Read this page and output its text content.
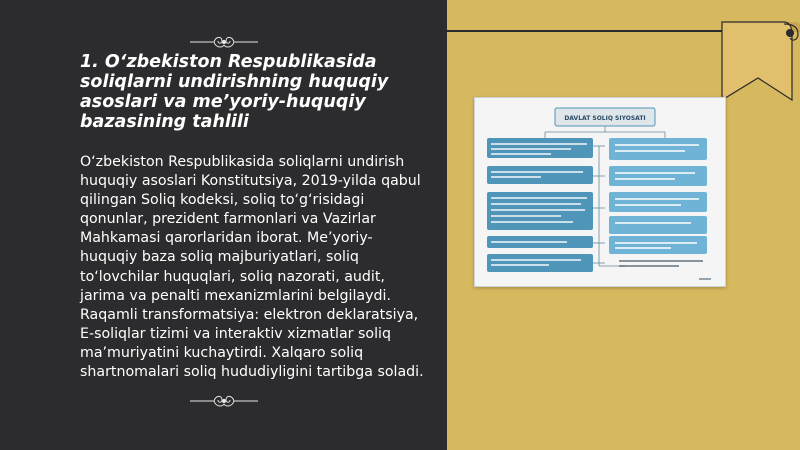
1. O‘zbekiston Respublikasida soliqlarni undirishning huquqiy asoslari va me’yoriy-huquqiy bazasining tahlili

O‘zbekiston Respublikasida soliqlarni undirish huquqiy asoslari Konstitutsiya, 2019-yilda qabul qilingan Soliq kodeksi, soliq to‘g‘risidagi qonunlar, prezident farmonlari va Vazirlar Mahkamasi qarorlaridan iborat. Me’yoriy-huquqiy baza soliq majburiyatlari, soliq to‘lovchilar huquqlari, soliq nazorati, audit, jarima va penalti mexanizmlarini belgilaydi. Raqamli transformatsiya: elektron deklaratsiya, E-soliqlar tizimi va interaktiv xizmatlar soliq ma’muriyatini kuchaytirdi. Xalqaro soliq shartnomalari soliq hududiyligini tartibga soladi.

DAVLAT SOLIQ SIYOSATI
